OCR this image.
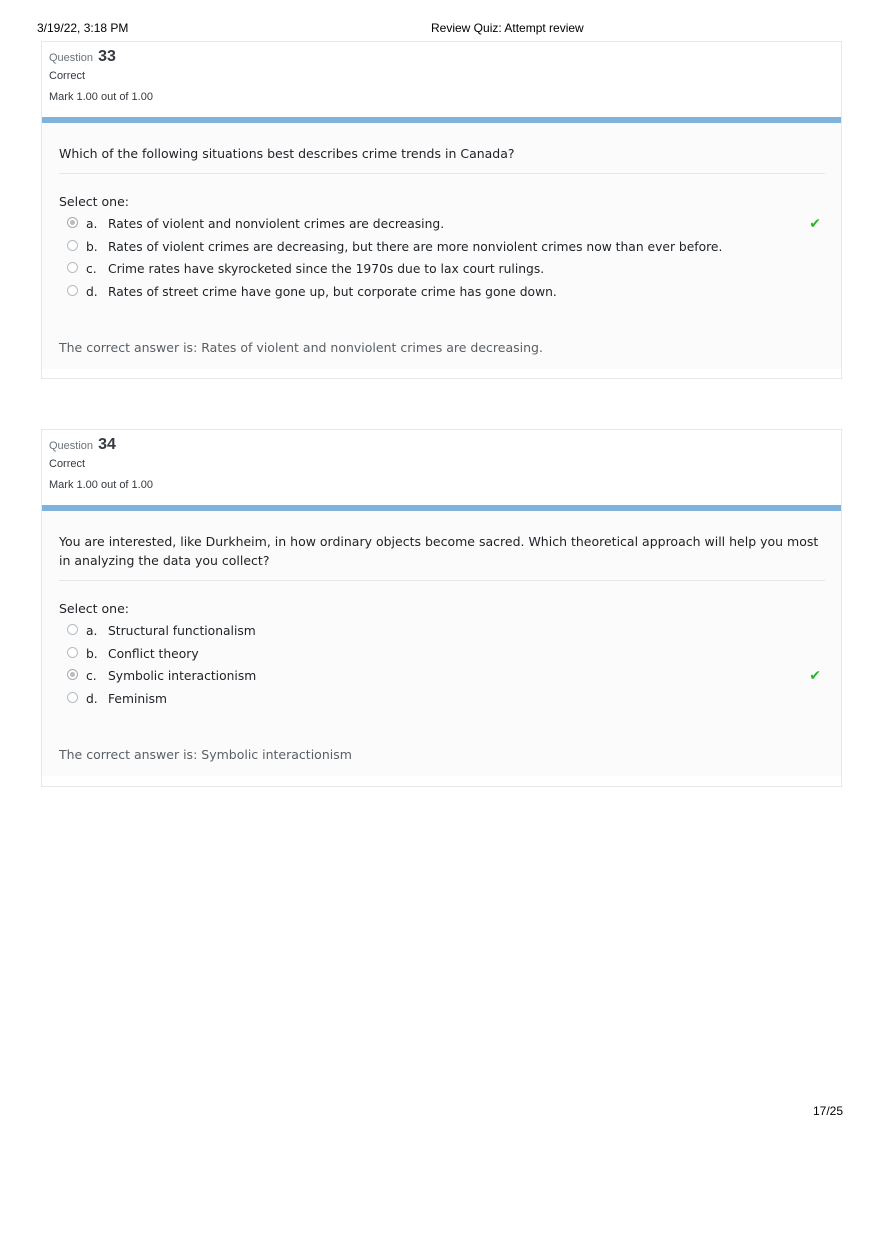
3/19/22, 3:18 PM	Review Quiz: Attempt review
Question 33
Correct
Mark 1.00 out of 1.00
Which of the following situations best describes crime trends in Canada?
Select one:
a. Rates of violent and nonviolent crimes are decreasing.	✔
b. Rates of violent crimes are decreasing, but there are more nonviolent crimes now than ever before.
c. Crime rates have skyrocketed since the 1970s due to lax court rulings.
d. Rates of street crime have gone up, but corporate crime has gone down.
The correct answer is: Rates of violent and nonviolent crimes are decreasing.
Question 34
Correct
Mark 1.00 out of 1.00
You are interested, like Durkheim, in how ordinary objects become sacred. Which theoretical approach will help you most in analyzing the data you collect?
Select one:
a. Structural functionalism
b. Conflict theory
c. Symbolic interactionism	✔
d. Feminism
The correct answer is: Symbolic interactionism
17/25
